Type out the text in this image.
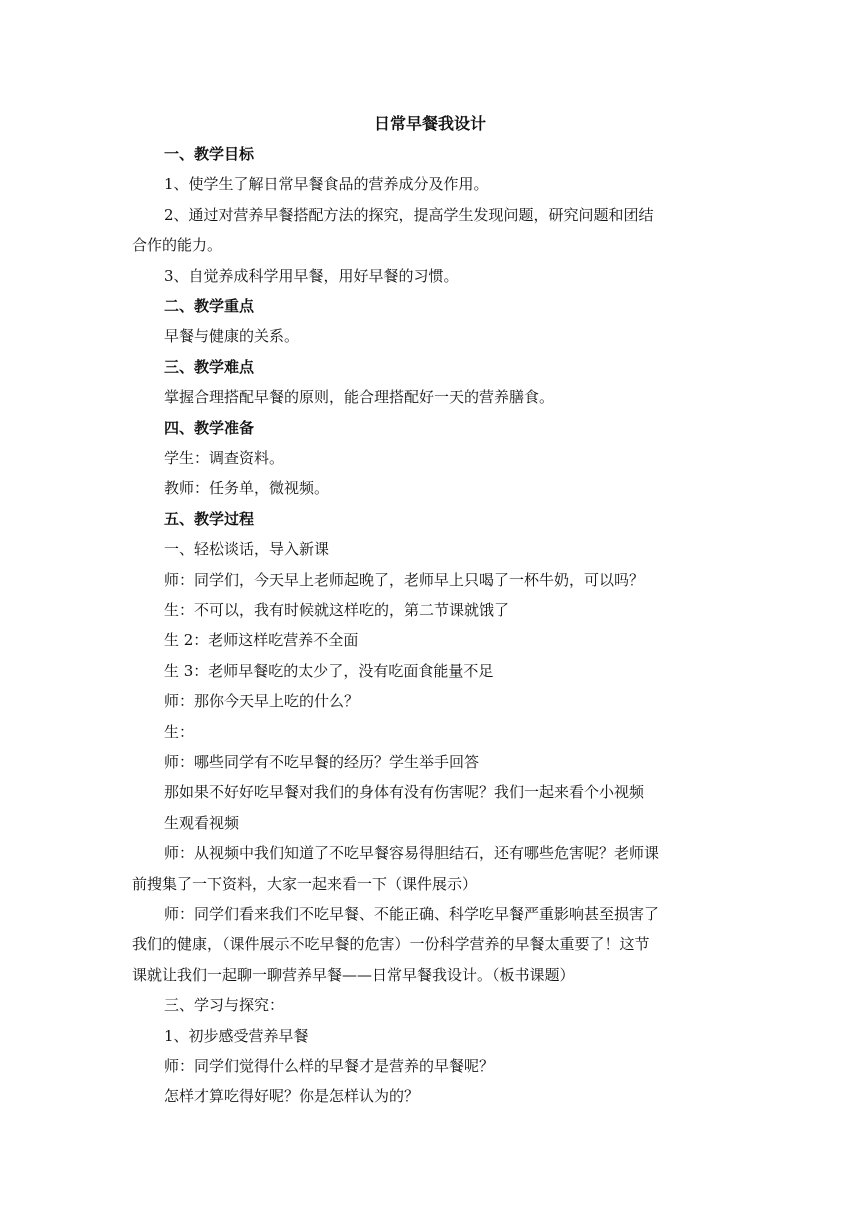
日常早餐我设计
一、教学目标
1、使学生了解日常早餐食品的营养成分及作用。
2、通过对营养早餐搭配方法的探究，提高学生发现问题，研究问题和团结
合作的能力。
3、自觉养成科学用早餐，用好早餐的习惯。
二、教学重点
早餐与健康的关系。
三、教学难点
掌握合理搭配早餐的原则，能合理搭配好一天的营养膳食。
四、教学准备
学生：调查资料。
教师：任务单，微视频。
五、教学过程
一、轻松谈话，导入新课
师：同学们，今天早上老师起晚了，老师早上只喝了一杯牛奶，可以吗？
生：不可以，我有时候就这样吃的，第二节课就饿了
生 2：老师这样吃营养不全面
生 3：老师早餐吃的太少了，没有吃面食能量不足
师：那你今天早上吃的什么？
生：
师：哪些同学有不吃早餐的经历？学生举手回答
那如果不好好吃早餐对我们的身体有没有伤害呢？我们一起来看个小视频
生观看视频
师：从视频中我们知道了不吃早餐容易得胆结石，还有哪些危害呢？老师课
前搜集了一下资料，大家一起来看一下（课件展示）
师：同学们看来我们不吃早餐、不能正确、科学吃早餐严重影响甚至损害了
我们的健康，（课件展示不吃早餐的危害）一份科学营养的早餐太重要了！这节
课就让我们一起聊一聊营养早餐——日常早餐我设计。（板书课题）
三、学习与探究：
1、初步感受营养早餐
师：同学们觉得什么样的早餐才是营养的早餐呢？
怎样才算吃得好呢？你是怎样认为的？
